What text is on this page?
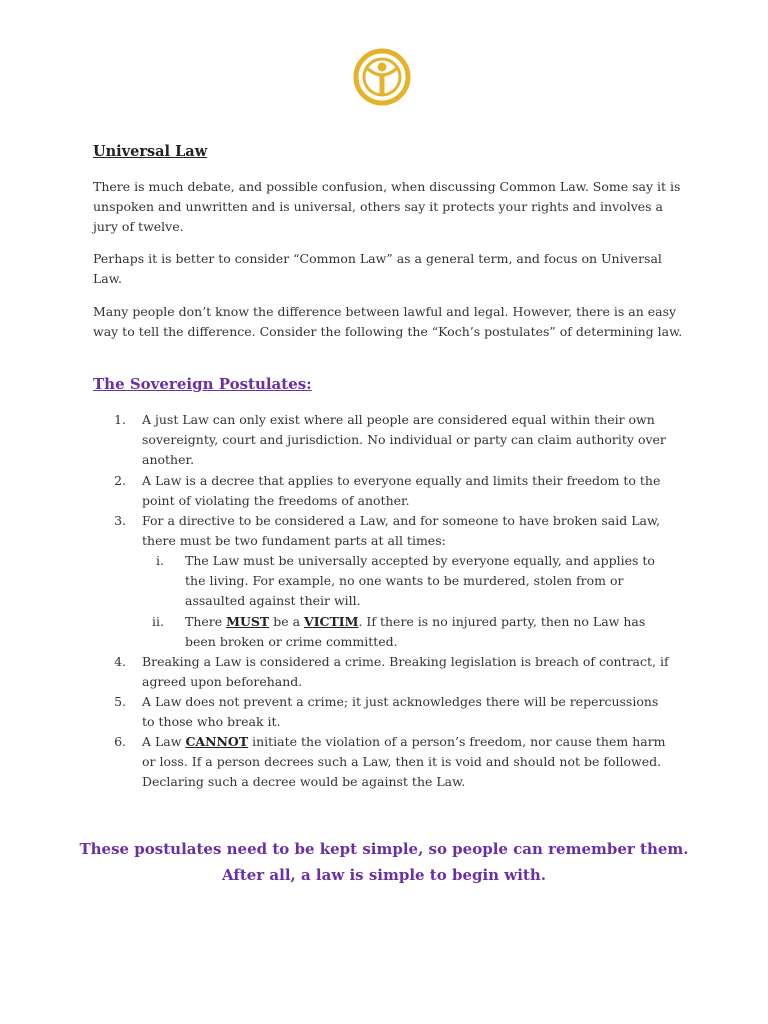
Universal Law

There is much debate, and possible confusion, when discussing Common Law. Some say it is unspoken and unwritten and is universal, others say it protects your rights and involves a jury of twelve.

Perhaps it is better to consider “Common Law” as a general term, and focus on Universal Law.

Many people don’t know the difference between lawful and legal. However, there is an easy way to tell the difference. Consider the following the “Koch’s postulates” of determining law.

The Sovereign Postulates:
1. A just Law can only exist where all people are considered equal within their own sovereignty, court and jurisdiction. No individual or party can claim authority over another.
2. A Law is a decree that applies to everyone equally and limits their freedom to the point of violating the freedoms of another.
3. For a directive to be considered a Law, and for someone to have broken said Law, there must be two fundament parts at all times:
i. The Law must be universally accepted by everyone equally, and applies to the living. For example, no one wants to be murdered, stolen from or assaulted against their will.
ii. There MUST be a VICTIM. If there is no injured party, then no Law has been broken or crime committed.
4. Breaking a Law is considered a crime. Breaking legislation is breach of contract, if agreed upon beforehand.
5. A Law does not prevent a crime; it just acknowledges there will be repercussions to those who break it.
6. A Law CANNOT initiate the violation of a person’s freedom, nor cause them harm or loss. If a person decrees such a Law, then it is void and should not be followed. Declaring such a decree would be against the Law.

These postulates need to be kept simple, so people can remember them.

After all, a law is simple to begin with.
